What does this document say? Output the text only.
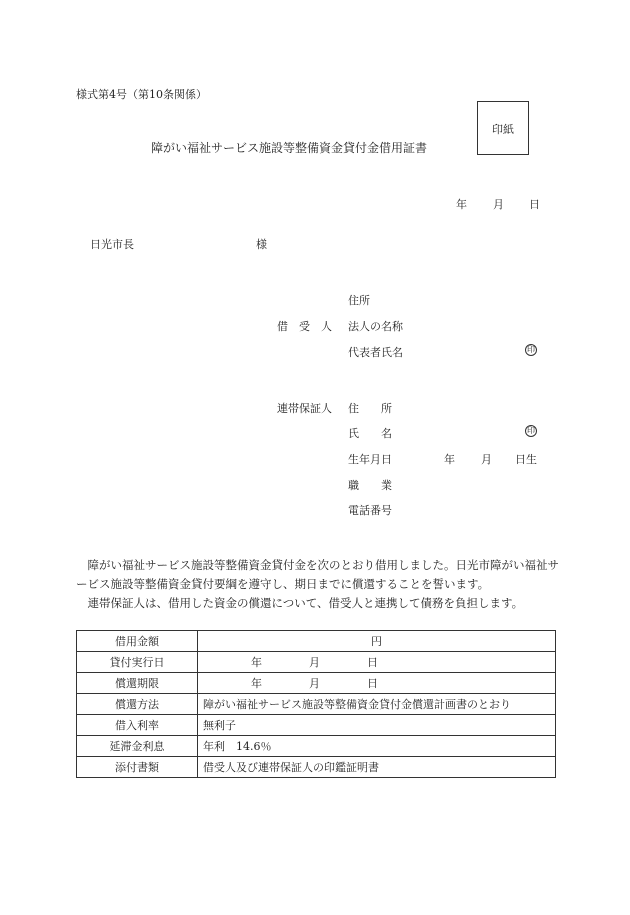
様式第4号（第10条関係）
印紙
障がい福祉サービス施設等整備資金貸付金借用証書
年 月 日
日光市長	様
住所
借　受　人 法人の名称
代表者氏名	印
連帯保証人 住　　所
氏　　名	印
生年月日	年 月 日生
職　　業
電話番号

　障がい福祉サービス施設等整備資金貸付金を次のとおり借用しました。日光市障がい福祉サービス施設等整備資金貸付要綱を遵守し、期日までに償還することを誓います。

　連帯保証人は、借用した資金の償還について、借受人と連携して債務を負担します。

借用金額	円
貸付実行日	年 月 日
償還期限	年 月 日
償還方法	障がい福祉サービス施設等整備資金貸付金償還計画書のとおり
借入利率	無利子
延滞金利息	年利　14.6％
添付書類	借受人及び連帯保証人の印鑑証明書
